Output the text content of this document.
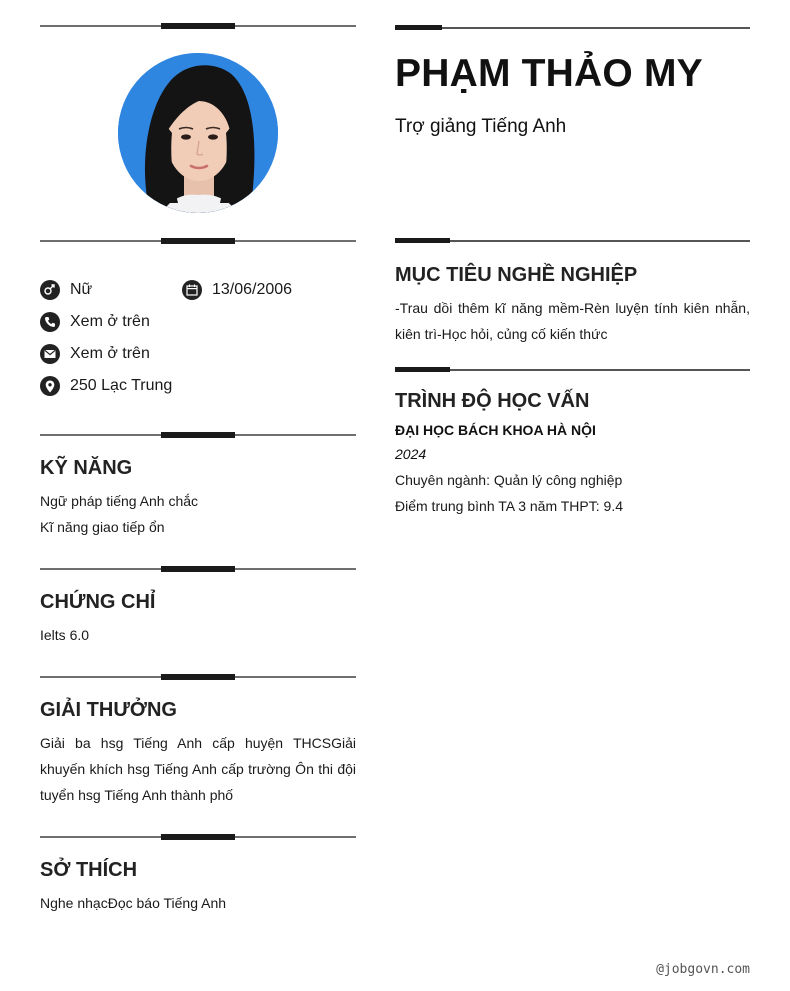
Nữ	13/06/2006
Xem ở trên
Xem ở trên
250 Lạc Trung
KỸ NĂNG
Ngữ pháp tiếng Anh chắc
Kĩ năng giao tiếp ổn
CHỨNG CHỈ
Ielts 6.0
GIẢI THƯỞNG
Giải ba hsg Tiếng Anh cấp huyện THCSGiải khuyến khích hsg Tiếng Anh cấp trường Ôn thi đội tuyển hsg Tiếng Anh thành phố
SỞ THÍCH
Nghe nhạcĐọc báo Tiếng Anh
PHẠM THẢO MY
Trợ giảng Tiếng Anh
MỤC TIÊU NGHỀ NGHIỆP
-Trau dồi thêm kĩ năng mềm-Rèn luyện tính kiên nhẫn, kiên trì-Học hỏi, củng cố kiến thức
TRÌNH ĐỘ HỌC VẤN
ĐẠI HỌC BÁCH KHOA HÀ NỘI
2024
Chuyên ngành: Quản lý công nghiệp
Điểm trung bình TA 3 năm THPT: 9.4
@jobgovn.com
